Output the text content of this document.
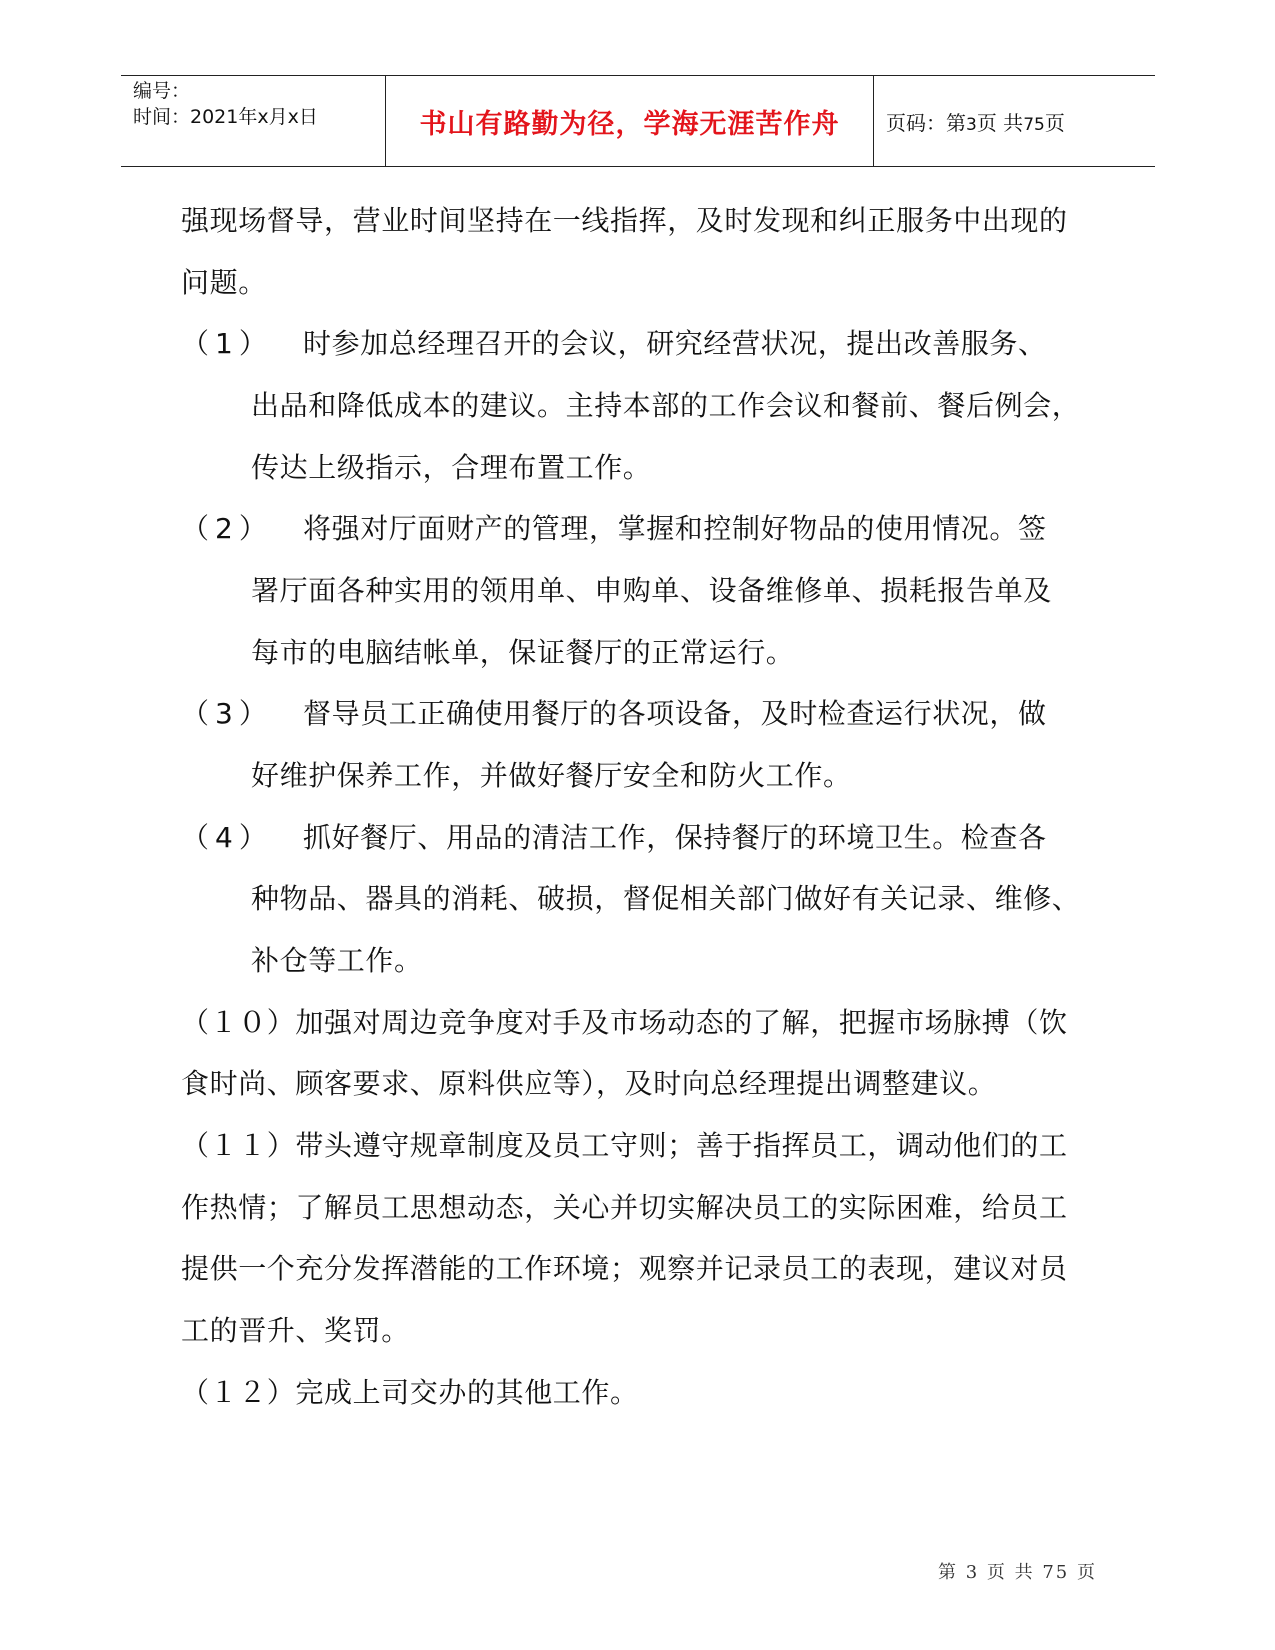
编号：
时间：2021年x月x日	书山有路勤为径，学海无涯苦作舟 页码：第3页 共75页
强现场督导，营业时间坚持在一线指挥，及时发现和纠正服务中出现的
问题。
（1） 时参加总经理召开的会议，研究经营状况，提出改善服务、
出品和降低成本的建议。主持本部的工作会议和餐前、餐后例会，
传达上级指示，合理布置工作。
（2） 将强对厅面财产的管理，掌握和控制好物品的使用情况。签
署厅面各种实用的领用单、申购单、设备维修单、损耗报告单及
每市的电脑结帐单，保证餐厅的正常运行。
（3） 督导员工正确使用餐厅的各项设备，及时检查运行状况，做
好维护保养工作，并做好餐厅安全和防火工作。
（4） 抓好餐厅、用品的清洁工作，保持餐厅的环境卫生。检查各
种物品、器具的消耗、破损，督促相关部门做好有关记录、维修、
补仓等工作。
（１０）加强对周边竞争度对手及市场动态的了解，把握市场脉搏（饮
食时尚、顾客要求、原料供应等），及时向总经理提出调整建议。
（１１）带头遵守规章制度及员工守则；善于指挥员工，调动他们的工
作热情；了解员工思想动态，关心并切实解决员工的实际困难，给员工
提供一个充分发挥潜能的工作环境；观察并记录员工的表现，建议对员
工的晋升、奖罚。
（１２）完成上司交办的其他工作。
第 3 页 共 75 页
